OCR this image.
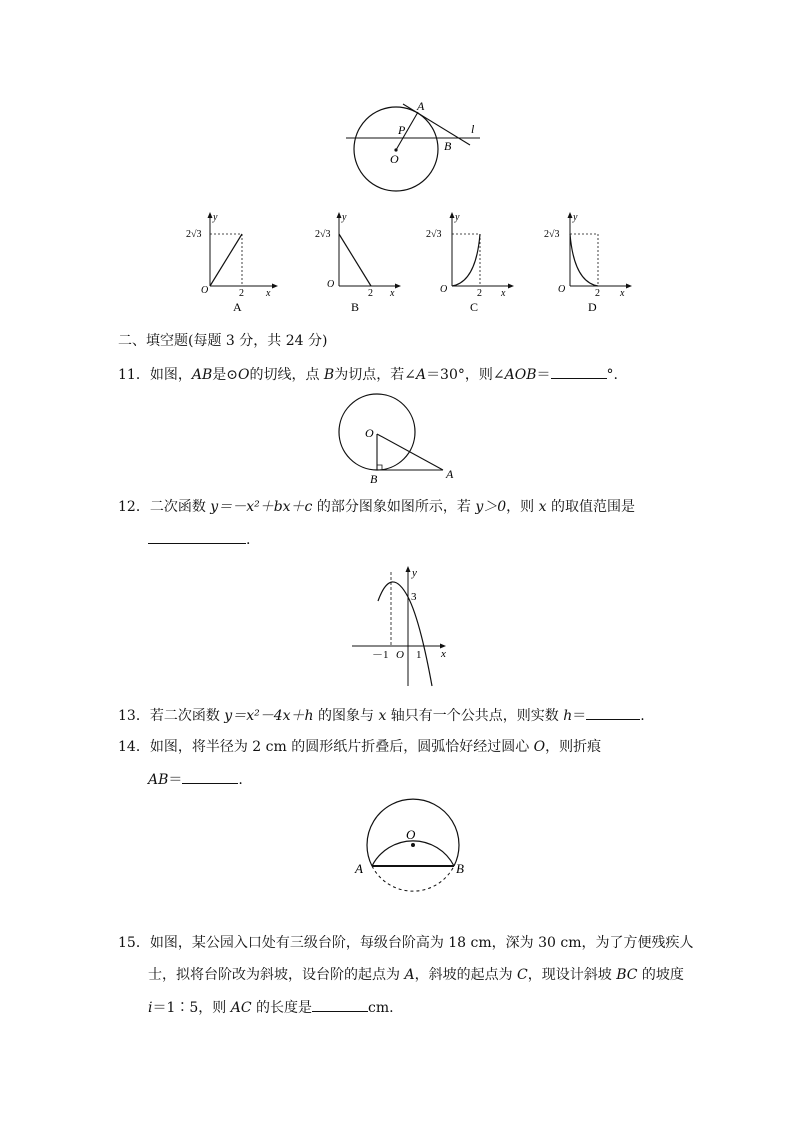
A
P	l
B
O
y
x
2√3
2
O
A
y
x
2√3
2
O
B
y
x
2√3
2
O
C
y
x
2√3
2
O
D
二、填空题(每题 3 分，共 24 分)
11．如图，AB是⊙O的切线，点 B为切点，若∠A＝30°，则∠AOB＝	°.
O
B	A
12．二次函数 y＝－x²＋bx＋c 的部分图象如图所示，若 y＞0，则 x 的取值范围是
.
y
x
3
－1 O 1
13．若二次函数 y＝x²－4x＋h 的图象与 x 轴只有一个公共点，则实数 h＝	.
14．如图，将半径为 2 cm 的圆形纸片折叠后，圆弧恰好经过圆心 O，则折痕
AB＝	.
O
A	B
15．如图，某公园入口处有三级台阶，每级台阶高为 18 cm，深为 30 cm，为了方便残疾人
士，拟将台阶改为斜坡，设台阶的起点为 A，斜坡的起点为 C，现设计斜坡 BC 的坡度
i＝1∶5，则 AC 的长度是	cm.
